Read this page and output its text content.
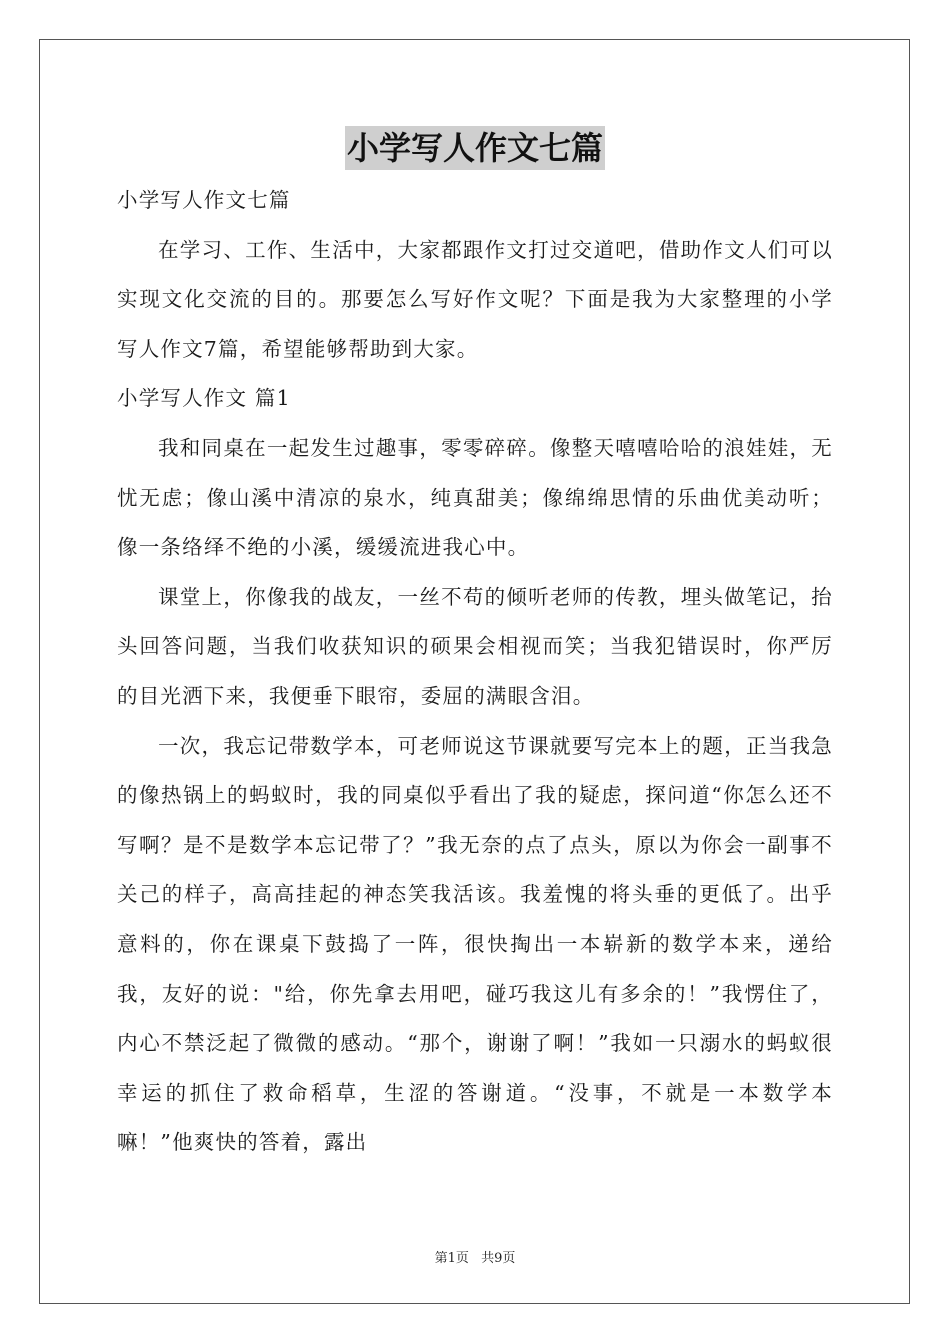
小学写人作文七篇

小学写人作文七篇

在学习、工作、生活中，大家都跟作文打过交道吧，借助作文人们可以实现文化交流的目的。那要怎么写好作文呢？下面是我为大家整理的小学写人作文7篇，希望能够帮助到大家。

小学写人作文 篇1

我和同桌在一起发生过趣事，零零碎碎。像整天嘻嘻哈哈的浪娃娃，无忧无虑；像山溪中清凉的泉水，纯真甜美；像绵绵思情的乐曲优美动听；像一条络绎不绝的小溪，缓缓流进我心中。

课堂上，你像我的战友，一丝不苟的倾听老师的传教，埋头做笔记，抬头回答问题，当我们收获知识的硕果会相视而笑；当我犯错误时，你严厉的目光洒下来，我便垂下眼帘，委屈的满眼含泪。

一次，我忘记带数学本，可老师说这节课就要写完本上的题，正当我急的像热锅上的蚂蚁时，我的同桌似乎看出了我的疑虑，探问道“你怎么还不写啊？是不是数学本忘记带了？”我无奈的点了点头，原以为你会一副事不关己的样子，高高挂起的神态笑我活该。我羞愧的将头垂的更低了。出乎意料的，你在课桌下鼓捣了一阵，很快掏出一本崭新的数学本来，递给我，友好的说："给，你先拿去用吧，碰巧我这儿有多余的！”我愣住了，内心不禁泛起了微微的感动。“那个，谢谢了啊！”我如一只溺水的蚂蚁很幸运的抓住了救命稻草，生涩的答谢道。“没事，不就是一本数学本嘛！”他爽快的答着，露出

第1页 共9页
